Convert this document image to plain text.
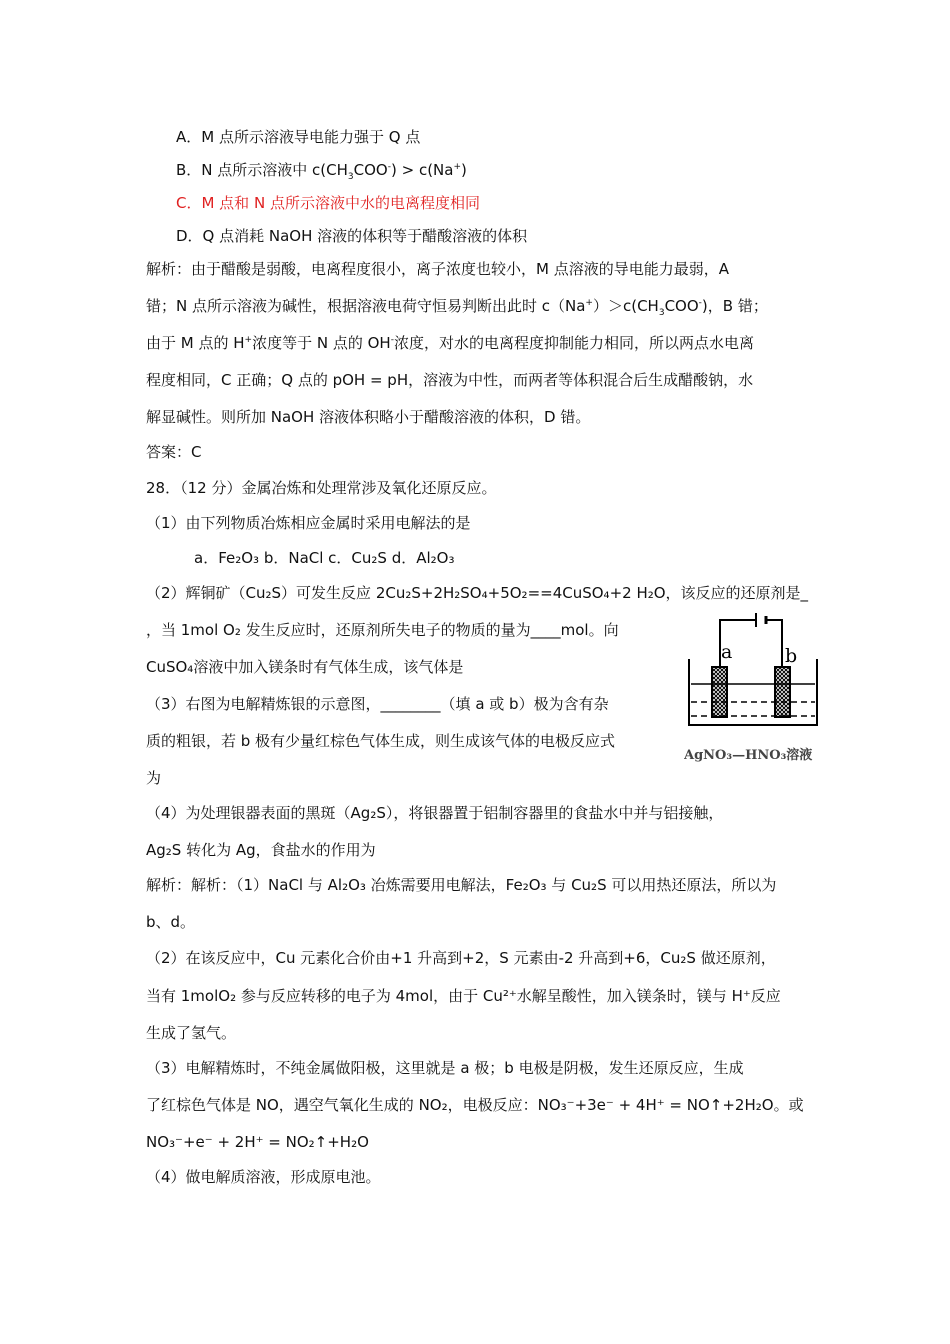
A．M 点所示溶液导电能力强于 Q 点
B．N 点所示溶液中 $c(CH_3COO^-) > c(Na^+)$
C．M 点和 N 点所示溶液中水的电离程度相同
D．Q 点消耗 NaOH 溶液的体积等于醋酸溶液的体积
解析：由于醋酸是弱酸，电离程度很小，离子浓度也较小，M 点溶液的导电能力最弱，A
错；N 点所示溶液为碱性，根据溶液电荷守恒易判断出此时 $c(Na^+)>c(CH_3COO^-)$，B 错；
由于 M 点的 H+浓度等于 N 点的 OH-浓度，对水的电离程度抑制能力相同，所以两点水电离
程度相同，C 正确；Q 点的 pOH = pH，溶液为中性，而两者等体积混合后生成醋酸钠，水
解显碱性。则所加 NaOH 溶液体积略小于醋酸溶液的体积，D 错。
答案：C
28．（12 分）金属冶炼和处理常涉及氧化还原反应。
（1）由下列物质冶炼相应金属时采用电解法的是
a．Fe₂O₃ b．NaCl c．Cu₂S d．Al₂O₃
（2）辉铜矿（Cu₂S）可发生反应 2Cu₂S+2H₂SO₄+5O₂==4CuSO₄+2 H₂O，该反应的还原剂是_
，当 1mol O₂ 发生反应时，还原剂所失电子的物质的量为____mol。向
CuSO₄溶液中加入镁条时有气体生成，该气体是
（3）右图为电解精炼银的示意图，________（填 a 或 b）极为含有杂
质的粗银，若 b 极有少量红棕色气体生成，则生成该气体的电极反应式
为
（4）为处理银器表面的黑斑（Ag₂S），将银器置于铝制容器里的食盐水中并与铝接触，
Ag₂S 转化为 Ag，食盐水的作用为
解析：解析：（1）NaCl 与 Al₂O₃ 冶炼需要用电解法，Fe₂O₃ 与 Cu₂S 可以用热还原法，所以为
b、d。
（2）在该反应中，Cu 元素化合价由+1 升高到+2，S 元素由-2 升高到+6，Cu₂S 做还原剂，
当有 1molO₂ 参与反应转移的电子为 4mol，由于 Cu²⁺水解呈酸性，加入镁条时，镁与 H⁺反应
生成了氢气。
（3）电解精炼时，不纯金属做阳极，这里就是 a 极；b 电极是阴极，发生还原反应，生成
了红棕色气体是 NO，遇空气氧化生成的 NO₂，电极反应：NO₃⁻+3e⁻ + 4H⁺ = NO↑+2H₂O。或
NO₃⁻+e⁻ + 2H⁺ = NO₂↑+H₂O
（4）做电解质溶液，形成原电池。
a	b
AgNO₃—HNO₃溶液
